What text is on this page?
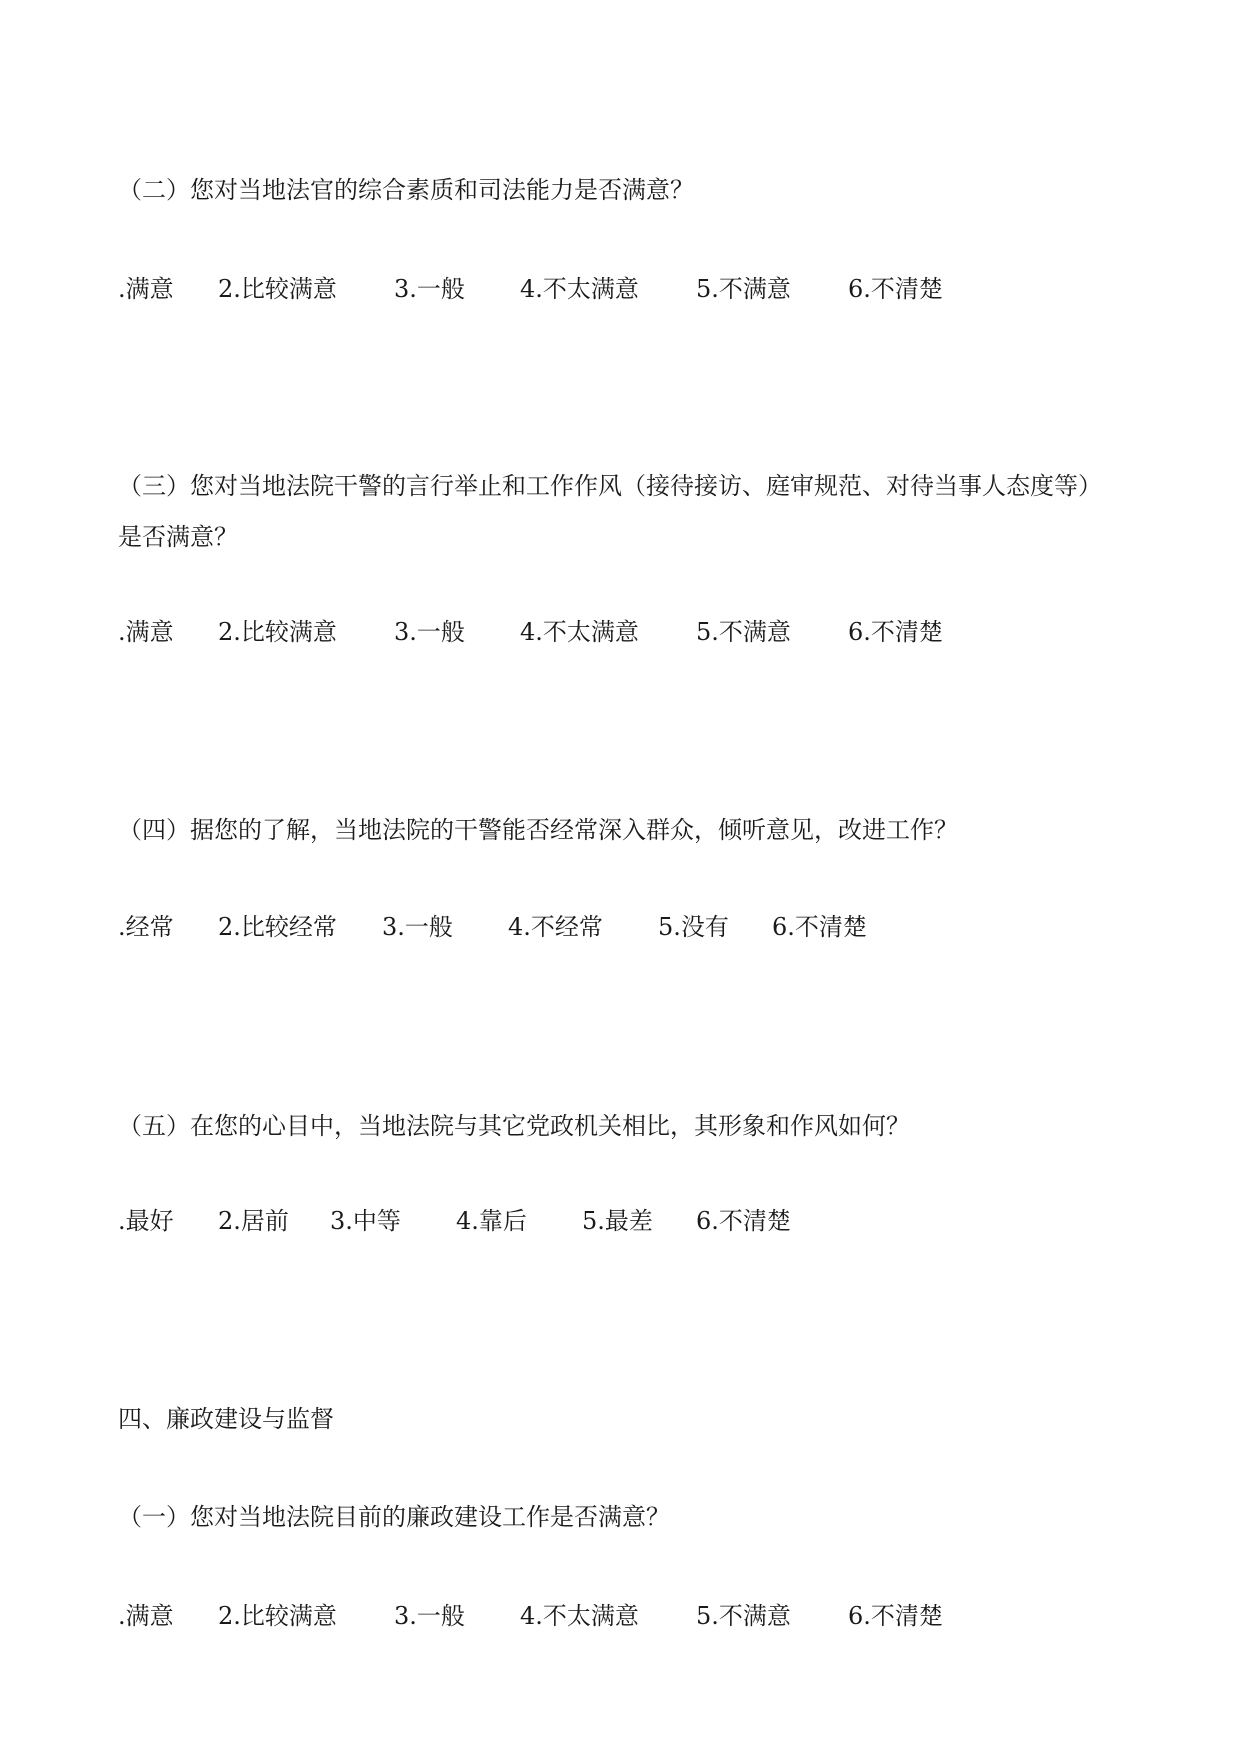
（二）您对当地法官的综合素质和司法能力是否满意？
.满意 2.比较满意 3.一般 4.不太满意 5.不满意 6.不清楚
（三）您对当地法院干警的言行举止和工作作风（接待接访、庭审规范、对待当事人态度等）
是否满意？
.满意 2.比较满意 3.一般 4.不太满意 5.不满意 6.不清楚
（四）据您的了解，当地法院的干警能否经常深入群众，倾听意见，改进工作？
.经常 2.比较经常 3.一般 4.不经常 5.没有 6.不清楚
（五）在您的心目中，当地法院与其它党政机关相比，其形象和作风如何？
.最好 2.居前 3.中等 4.靠后 5.最差 6.不清楚
四、廉政建设与监督
（一）您对当地法院目前的廉政建设工作是否满意？
.满意 2.比较满意 3.一般 4.不太满意 5.不满意 6.不清楚
